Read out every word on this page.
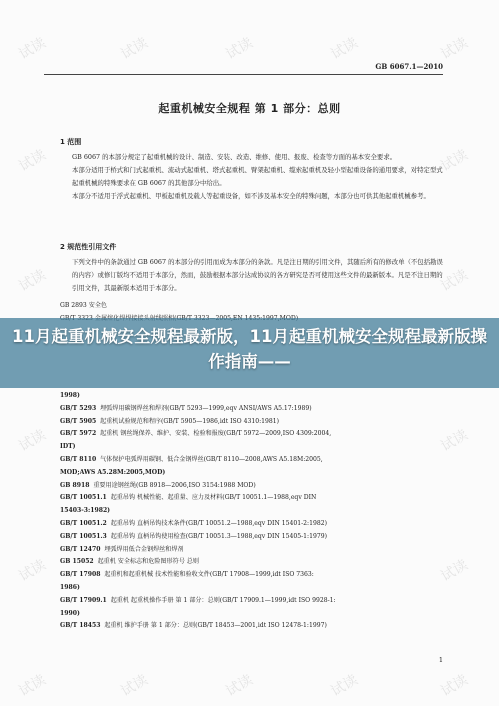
试读	试读	试读	试读	试读
试读	试读
试读	试读
试读	试读
试读	试读
试读	试读	试读	试读	试读
GB 6067.1—2010
起重机械安全规程 第 1 部分：总则
1 范围
GB 6067 的本部分规定了起重机械的设计、制造、安装、改造、维修、使用、报废、检查等方面的基本安全要求。
本部分适用于桥式和门式起重机、流动式起重机、塔式起重机、臂架起重机、缆索起重机及轻小型起重设备的通用要求，对特定型式起重机械的特殊要求在 GB 6067 的其他部分中给出。
本部分不适用于浮式起重机、甲板起重机及载人等起重设备，如不涉及基本安全的特殊问题，本部分也可供其他起重机械参考。
2 规范性引用文件
下列文件中的条款通过 GB 6067 的本部分的引用而成为本部分的条款。凡是注日期的引用文件，其随后所有的修改单（不包括勘误的内容）或修订版均不适用于本部分，然而，鼓励根据本部分达成协议的各方研究是否可使用这些文件的最新版本。凡是不注日期的引用文件，其最新版本适用于本部分。
GB 2893 安全色
11月起重机械安全规程最新版，11月起重机械安全规程最新版操作指南——
1998)
GB/T 5293 埋弧焊用碳钢焊丝和焊剂(GB/T 5293—1999,eqv ANSI/AWS A5.17:1989)
GB/T 5905 起重机试验规范和程序(GB/T 5905—1986,idt ISO 4310:1981)
GB/T 5972 起重机 钢丝绳保养、维护、安装、检验和报废(GB/T 5972—2009,ISO 4309:2004,
IDT)
GB/T 8110 气体保护电弧焊用碳钢、低合金钢焊丝(GB/T 8110—2008,AWS A5.18M:2005,
MOD;AWS A5.28M:2005,MOD)
GB 8918 重要用途钢丝绳(GB 8918—2006,ISO 3154:1988 MOD)
GB/T 10051.1 起重吊钩 机械性能、起重量、应力及材料(GB/T 10051.1—1988,eqv DIN
15403-3:1982)
GB/T 10051.2 起重吊钩 直柄吊钩技术条件(GB/T 10051.2—1988,eqv DIN 15401-2:1982)
GB/T 10051.3 起重吊钩 直柄吊钩使用检查(GB/T 10051.3—1988,eqv DIN 15405-1:1979)
GB/T 12470 埋弧焊用低合金钢焊丝和焊剂
GB 15052 起重机 安全标志和危险图形符号 总则
GB/T 17908 起重机和起重机械 技术性能和验收文件(GB/T 17908—1999,idt ISO 7363:
1986)
GB/T 17909.1 起重机 起重机操作手册 第 1 部分：总则(GB/T 17909.1—1999,idt ISO 9928-1:
1990)
GB/T 18453 起重机 维护手册 第 1 部分：总则(GB/T 18453—2001,idt ISO 12478-1:1997)
1
